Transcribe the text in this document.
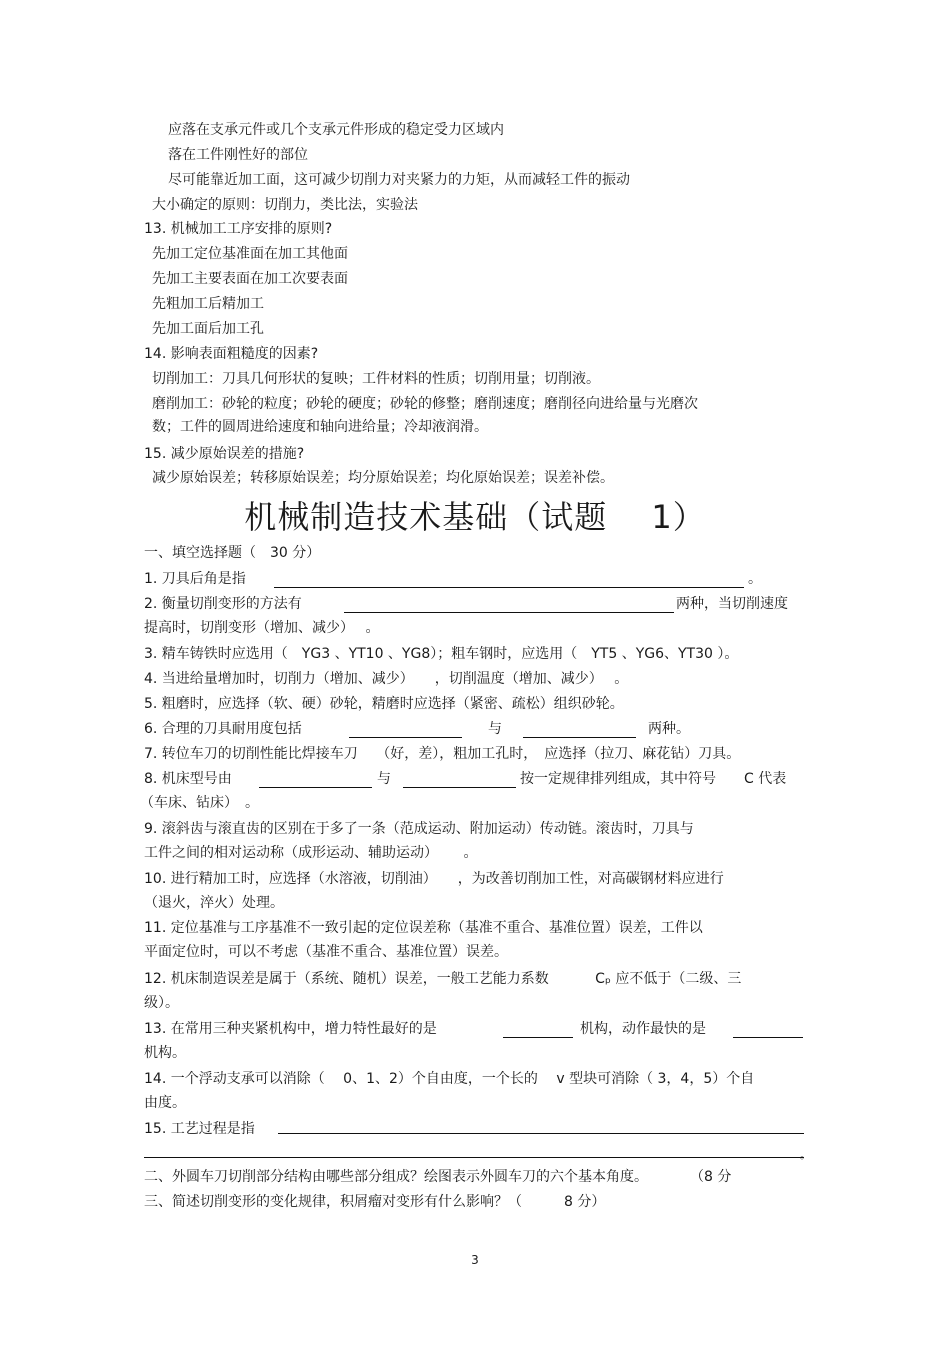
应落在支承元件或几个支承元件形成的稳定受力区域内
落在工件刚性好的部位
尽可能靠近加工面，这可减少切削力对夹紧力的力矩，从而减轻工件的振动
大小确定的原则：切削力，类比法，实验法
13. 机械加工工序安排的原则?
先加工定位基准面在加工其他面
先加工主要表面在加工次要表面
先粗加工后精加工
先加工面后加工孔
14. 影响表面粗糙度的因素?
切削加工：刀具几何形状的复映；工件材料的性质；切削用量；切削液。
磨削加工：砂轮的粒度；砂轮的硬度；砂轮的修整；磨削速度；磨削径向进给量与光磨次
数；工件的圆周进给速度和轴向进给量；冷却液润滑。
15. 减少原始误差的措施?
减少原始误差；转移原始误差；均分原始误差；均化原始误差；误差补偿。
机械制造技术基础（试题　 1）
一、填空选择题（　30 分）
1. 刀具后角是指	。
2. 衡量切削变形的方法有	两种，当切削速度
提高时，切削变形（增加、减少）　 。
3. 精车铸铁时应选用（　YG3 、YT10 、YG8）；粗车钢时，应选用（　YT5 、YG6、YT30 ）。
4. 当进给量增加时，切削力（增加、减少）　　，切削温度（增加、减少）　 。
5. 粗磨时，应选择（软、硬）砂轮，精磨时应选择（紧密、疏松）组织砂轮。
6. 合理的刀具耐用度包括	与	两种。
7. 转位车刀的切削性能比焊接车刀　 （好，差），粗加工孔时，　应选择（拉刀、麻花钻）刀具。
8. 机床型号由	与	按一定规律排列组成，其中符号　　C 代表
（车床、钻床）　。
9. 滚斜齿与滚直齿的区别在于多了一条（范成运动、附加运动）传动链。滚齿时，刀具与
工件之间的相对运动称（成形运动、辅助运动）　　 。
10. 进行精加工时，应选择（水溶液，切削油）　　，为改善切削加工性，对高碳钢材料应进行
（退火，淬火）处理。
11. 定位基准与工序基准不一致引起的定位误差称（基准不重合、基准位置）误差，工件以
平面定位时，可以不考虑（基准不重合、基准位置）误差。
12. 机床制造误差是属于（系统、随机）误差，一般工艺能力系数　　　 Cₚ 应不低于（二级、三
级）。
13. 在常用三种夹紧机构中，增力特性最好的是	机构，动作最快的是
机构。
14. 一个浮动支承可以消除（　 0、1、2）个自由度，一个长的　 v 型块可消除（ 3，4，5）个自
由度。
15. 工艺过程是指
。
二、外圆车刀切削部分结构由哪些部分组成？绘图表示外圆车刀的六个基本角度。　　　　（8 分
三、简述切削变形的变化规律，积屑瘤对变形有什么影响？（　　　8 分）
3
